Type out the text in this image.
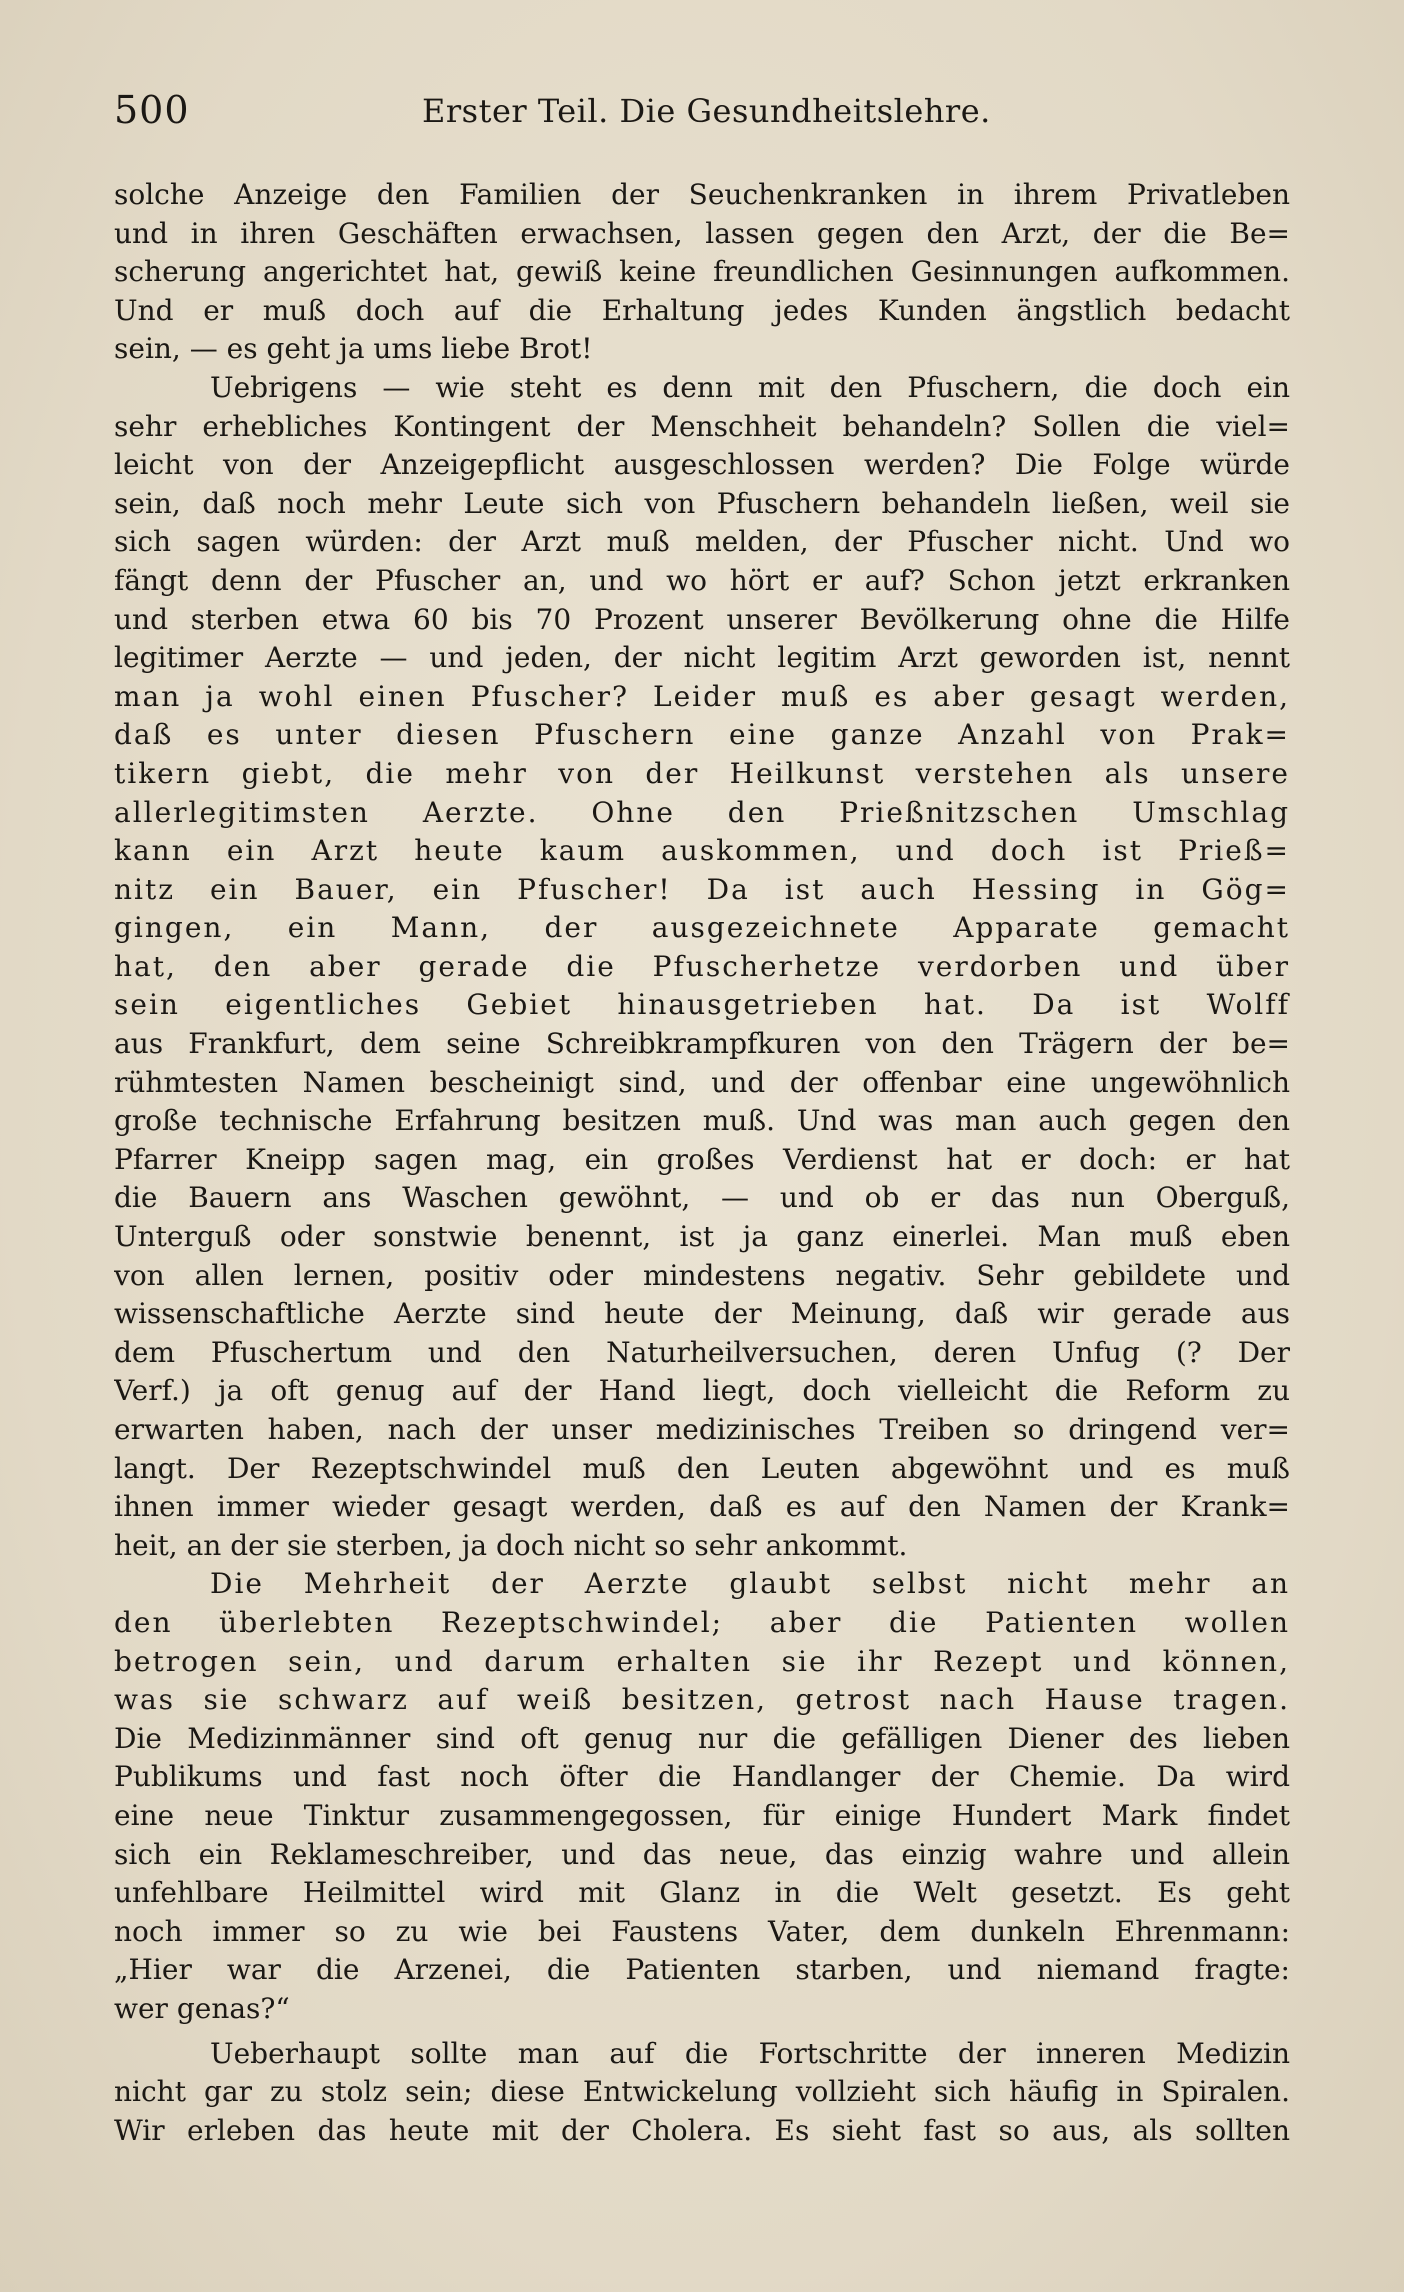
500	Erster Teil. Die Gesundheitslehre.
solche Anzeige den Familien der Seuchenkranken in ihrem Privatleben
und in ihren Geschäften erwachsen, lassen gegen den Arzt, der die Be=
scherung angerichtet hat, gewiß keine freundlichen Gesinnungen aufkommen.
Und er muß doch auf die Erhaltung jedes Kunden ängstlich bedacht
sein, — es geht ja ums liebe Brot!
Uebrigens — wie steht es denn mit den Pfuschern, die doch ein
sehr erhebliches Kontingent der Menschheit behandeln? Sollen die viel=
leicht von der Anzeigepflicht ausgeschlossen werden? Die Folge würde
sein, daß noch mehr Leute sich von Pfuschern behandeln ließen, weil sie
sich sagen würden: der Arzt muß melden, der Pfuscher nicht. Und wo
fängt denn der Pfuscher an, und wo hört er auf? Schon jetzt erkranken
und sterben etwa 60 bis 70 Prozent unserer Bevölkerung ohne die Hilfe
legitimer Aerzte — und jeden, der nicht legitim Arzt geworden ist, nennt
man ja wohl einen Pfuscher? Leider muß es aber gesagt werden,
daß es unter diesen Pfuschern eine ganze Anzahl von Prak=
tikern giebt, die mehr von der Heilkunst verstehen als unsere
allerlegitimsten Aerzte. Ohne den Prießnitzschen Umschlag
kann ein Arzt heute kaum auskommen, und doch ist Prieß=
nitz ein Bauer, ein Pfuscher! Da ist auch Hessing in Gög=
gingen, ein Mann, der ausgezeichnete Apparate gemacht
hat, den aber gerade die Pfuscherhetze verdorben und über
sein eigentliches Gebiet hinausgetrieben hat. Da ist Wolff
aus Frankfurt, dem seine Schreibkrampfkuren von den Trägern der be=
rühmtesten Namen bescheinigt sind, und der offenbar eine ungewöhnlich
große technische Erfahrung besitzen muß. Und was man auch gegen den
Pfarrer Kneipp sagen mag, ein großes Verdienst hat er doch: er hat
die Bauern ans Waschen gewöhnt, — und ob er das nun Oberguß,
Unterguß oder sonstwie benennt, ist ja ganz einerlei. Man muß eben
von allen lernen, positiv oder mindestens negativ. Sehr gebildete und
wissenschaftliche Aerzte sind heute der Meinung, daß wir gerade aus
dem Pfuschertum und den Naturheilversuchen, deren Unfug (? Der
Verf.) ja oft genug auf der Hand liegt, doch vielleicht die Reform zu
erwarten haben, nach der unser medizinisches Treiben so dringend ver=
langt. Der Rezeptschwindel muß den Leuten abgewöhnt und es muß
ihnen immer wieder gesagt werden, daß es auf den Namen der Krank=
heit, an der sie sterben, ja doch nicht so sehr ankommt.
Die Mehrheit der Aerzte glaubt selbst nicht mehr an
den überlebten Rezeptschwindel; aber die Patienten wollen
betrogen sein, und darum erhalten sie ihr Rezept und können,
was sie schwarz auf weiß besitzen, getrost nach Hause tragen.
Die Medizinmänner sind oft genug nur die gefälligen Diener des lieben
Publikums und fast noch öfter die Handlanger der Chemie. Da wird
eine neue Tinktur zusammengegossen, für einige Hundert Mark findet
sich ein Reklameschreiber, und das neue, das einzig wahre und allein
unfehlbare Heilmittel wird mit Glanz in die Welt gesetzt. Es geht
noch immer so zu wie bei Faustens Vater, dem dunkeln Ehrenmann:
„Hier war die Arzenei, die Patienten starben, und niemand fragte:
wer genas?“
Ueberhaupt sollte man auf die Fortschritte der inneren Medizin
nicht gar zu stolz sein; diese Entwickelung vollzieht sich häufig in Spiralen.
Wir erleben das heute mit der Cholera. Es sieht fast so aus, als sollten
